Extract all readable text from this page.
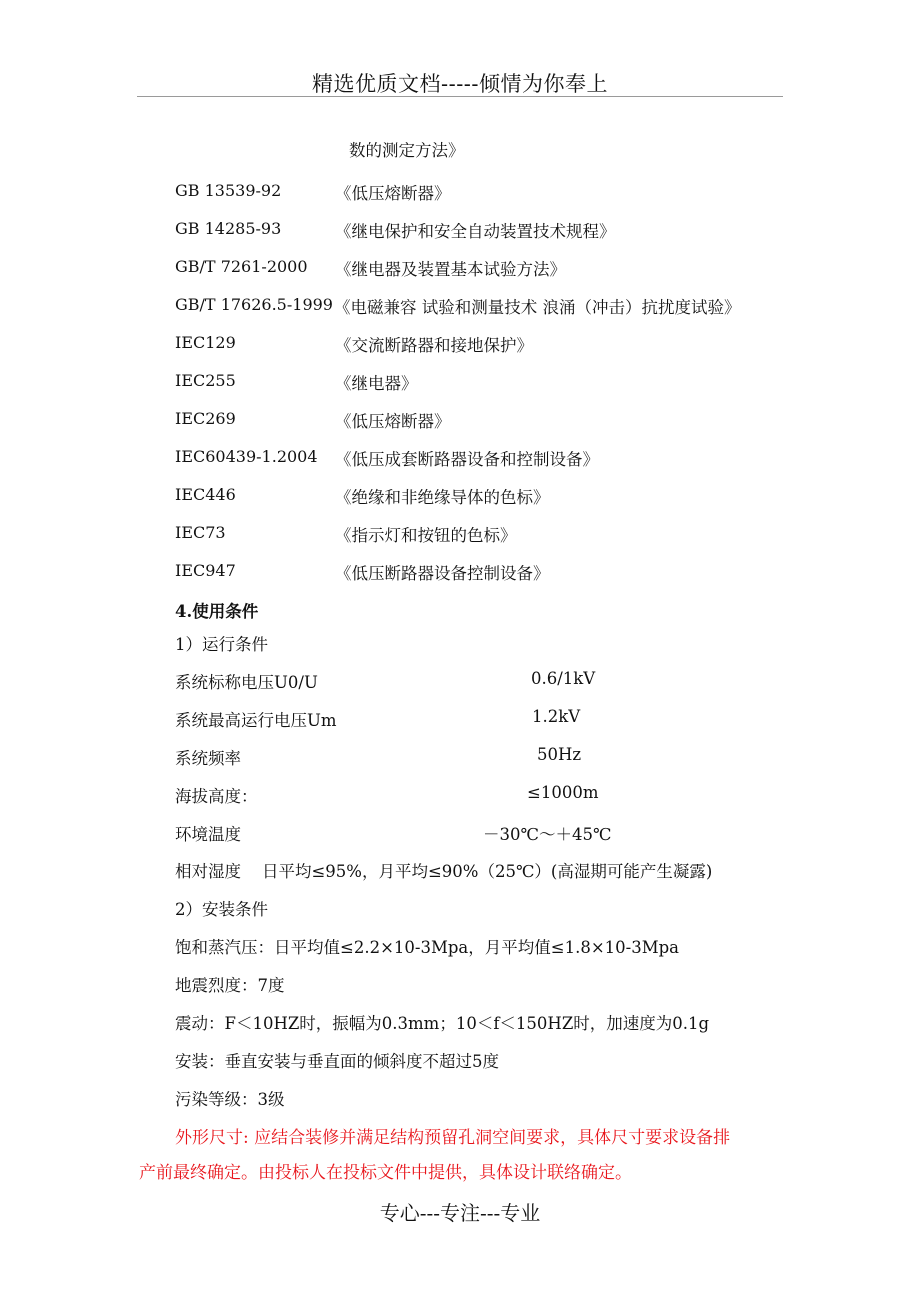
精选优质文档-----倾情为你奉上
数的测定方法》
GB 13539-92	《低压熔断器》
GB 14285-93	《继电保护和安全自动装置技术规程》
GB/T 7261-2000 《继电器及装置基本试验方法》
GB/T 17626.5-1999 《电磁兼容 试验和测量技术 浪涌（冲击）抗扰度试验》
IEC129	《交流断路器和接地保护》
IEC255	《继电器》
IEC269	《低压熔断器》
IEC60439-1.2004 《低压成套断路器设备和控制设备》
IEC446	《绝缘和非绝缘导体的色标》
IEC73	《指示灯和按钮的色标》
IEC947	《低压断路器设备控制设备》
4.使用条件
1）运行条件
系统标称电压U0/U	0.6/1kV
系统最高运行电压Um	1.2kV
系统频率	50Hz
海拔高度：	≤1000m
环境温度	－30℃～＋45℃
相对湿度    日平均≤95%，月平均≤90%（25℃）(高湿期可能产生凝露)
2）安装条件
饱和蒸汽压：日平均值≤2.2×10-3Mpa，月平均值≤1.8×10-3Mpa
地震烈度：7度
震动：F＜10HZ时，振幅为0.3mm；10＜f＜150HZ时，加速度为0.1g
安装：垂直安装与垂直面的倾斜度不超过5度
污染等级：3级
外形尺寸: 应结合装修并满足结构预留孔洞空间要求，具体尺寸要求设备排
产前最终确定。由投标人在投标文件中提供，具体设计联络确定。
专心---专注---专业
